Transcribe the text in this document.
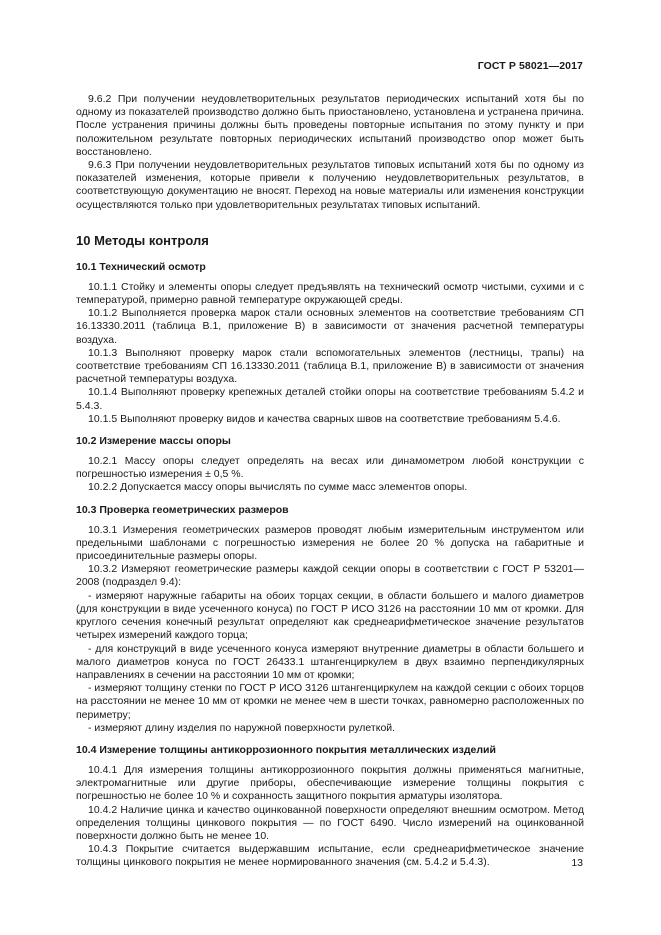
ГОСТ Р 58021—2017

9.6.2 При получении неудовлетворительных результатов периодических испытаний хотя бы по одному из показателей производство должно быть приостановлено, установлена и устранена причина. После устранения причины должны быть проведены повторные испытания по этому пункту и при положительном результате повторных периодических испытаний производство опор может быть восстановлено.

9.6.3 При получении неудовлетворительных результатов типовых испытаний хотя бы по одному из показателей изменения, которые привели к получению неудовлетворительных результатов, в соответствующую документацию не вносят. Переход на новые материалы или изменения конструкции осуществляются только при удовлетворительных результатах типовых испытаний.

10 Методы контроля
10.1 Технический осмотр

10.1.1 Стойку и элементы опоры следует предъявлять на технический осмотр чистыми, сухими и с температурой, примерно равной температуре окружающей среды.

10.1.2 Выполняется проверка марок стали основных элементов на соответствие требованиям СП 16.13330.2011 (таблица В.1, приложение В) в зависимости от значения расчетной температуры воздуха.

10.1.3 Выполняют проверку марок стали вспомогательных элементов (лестницы, трапы) на соответствие требованиям СП 16.13330.2011 (таблица В.1, приложение В) в зависимости от значения расчетной температуры воздуха.

10.1.4 Выполняют проверку крепежных деталей стойки опоры на соответствие требованиям 5.4.2 и 5.4.3.

10.1.5 Выполняют проверку видов и качества сварных швов на соответствие требованиям 5.4.6.

10.2 Измерение массы опоры

10.2.1 Массу опоры следует определять на весах или динамометром любой конструкции с погрешностью измерения ± 0,5 %.

10.2.2 Допускается массу опоры вычислять по сумме масс элементов опоры.

10.3 Проверка геометрических размеров

10.3.1 Измерения геометрических размеров проводят любым измерительным инструментом или предельными шаблонами с погрешностью измерения не более 20 % допуска на габаритные и присоединительные размеры опоры.

10.3.2 Измеряют геометрические размеры каждой секции опоры в соответствии с ГОСТ Р 53201—2008 (подраздел 9.4):

- измеряют наружные габариты на обоих торцах секции, в области большего и малого диаметров (для конструкции в виде усеченного конуса) по ГОСТ Р ИСО 3126 на расстоянии 10 мм от кромки. Для круглого сечения конечный результат определяют как среднеарифметическое значение результатов четырех измерений каждого торца;

- для конструкций в виде усеченного конуса измеряют внутренние диаметры в области большего и малого диаметров конуса по ГОСТ 26433.1 штангенциркулем в двух взаимно перпендикулярных направлениях в сечении на расстоянии 10 мм от кромки;

- измеряют толщину стенки по ГОСТ Р ИСО 3126 штангенциркулем на каждой секции с обоих торцов на расстоянии не менее 10 мм от кромки не менее чем в шести точках, равномерно расположенных по периметру;

- измеряют длину изделия по наружной поверхности рулеткой.

10.4 Измерение толщины антикоррозионного покрытия металлических изделий

10.4.1 Для измерения толщины антикоррозионного покрытия должны применяться магнитные, электромагнитные или другие приборы, обеспечивающие измерение толщины покрытия с погрешностью не более 10 % и сохранность защитного покрытия арматуры изолятора.

10.4.2 Наличие цинка и качество оцинкованной поверхности определяют внешним осмотром. Метод определения толщины цинкового покрытия — по ГОСТ 6490. Число измерений на оцинкованной поверхности должно быть не менее 10.

10.4.3 Покрытие считается выдержавшим испытание, если среднеарифметическое значение толщины цинкового покрытия не менее нормированного значения (см. 5.4.2 и 5.4.3).	13
